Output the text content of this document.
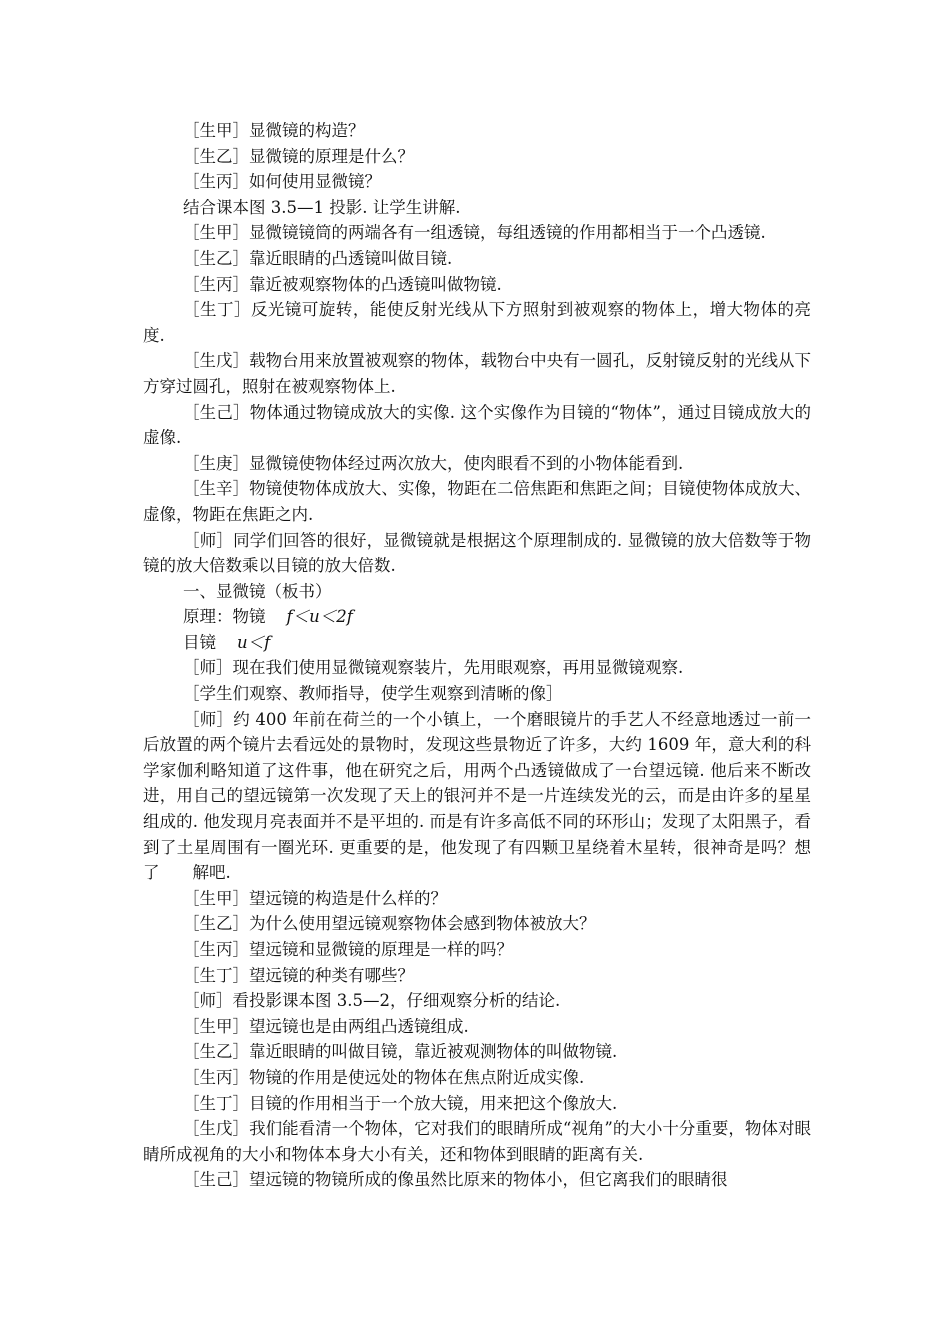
［生甲］显微镜的构造？

［生乙］显微镜的原理是什么？

［生丙］如何使用显微镜？

结合课本图 3.5—1 投影. 让学生讲解.

［生甲］显微镜镜筒的两端各有一组透镜，每组透镜的作用都相当于一个凸透镜.

［生乙］靠近眼睛的凸透镜叫做目镜.

［生丙］靠近被观察物体的凸透镜叫做物镜.

［生丁］反光镜可旋转，能使反射光线从下方照射到被观察的物体上，增大物体的亮度.

［生戊］载物台用来放置被观察的物体，载物台中央有一圆孔，反射镜反射的光线从下方穿过圆孔，照射在被观察物体上.

［生己］物体通过物镜成放大的实像. 这个实像作为目镜的“物体”，通过目镜成放大的虚像.

［生庚］显微镜使物体经过两次放大，使肉眼看不到的小物体能看到.

［生辛］物镜使物体成放大、实像，物距在二倍焦距和焦距之间；目镜使物体成放大、虚像，物距在焦距之内.

［师］同学们回答的很好，显微镜就是根据这个原理制成的. 显微镜的放大倍数等于物镜的放大倍数乘以目镜的放大倍数.

一、显微镜（板书）

原理：物镜 f＜u＜2f

目镜 u＜f

［师］现在我们使用显微镜观察装片，先用眼观察，再用显微镜观察.

［学生们观察、教师指导，使学生观察到清晰的像］

［师］约 400 年前在荷兰的一个小镇上，一个磨眼镜片的手艺人不经意地透过一前一后放置的两个镜片去看远处的景物时，发现这些景物近了许多，大约 1609 年，意大利的科学家伽利略知道了这件事，他在研究之后，用两个凸透镜做成了一台望远镜. 他后来不断改进，用自己的望远镜第一次发现了天上的银河并不是一片连续发光的云，而是由许多的星星组成的. 他发现月亮表面并不是平坦的. 而是有许多高低不同的环形山；发现了太阳黑子，看到了土星周围有一圈光环. 更重要的是，他发现了有四颗卫星绕着木星转，很神奇是吗？想了　　解吧.

［生甲］望远镜的构造是什么样的？

［生乙］为什么使用望远镜观察物体会感到物体被放大？

［生丙］望远镜和显微镜的原理是一样的吗？

［生丁］望远镜的种类有哪些？

［师］看投影课本图 3.5—2，仔细观察分析的结论.

［生甲］望远镜也是由两组凸透镜组成.

［生乙］靠近眼睛的叫做目镜，靠近被观测物体的叫做物镜.

［生丙］物镜的作用是使远处的物体在焦点附近成实像.

［生丁］目镜的作用相当于一个放大镜，用来把这个像放大.

［生戊］我们能看清一个物体，它对我们的眼睛所成“视角”的大小十分重要，物体对眼睛所成视角的大小和物体本身大小有关，还和物体到眼睛的距离有关.

［生己］望远镜的物镜所成的像虽然比原来的物体小，但它离我们的眼睛很
